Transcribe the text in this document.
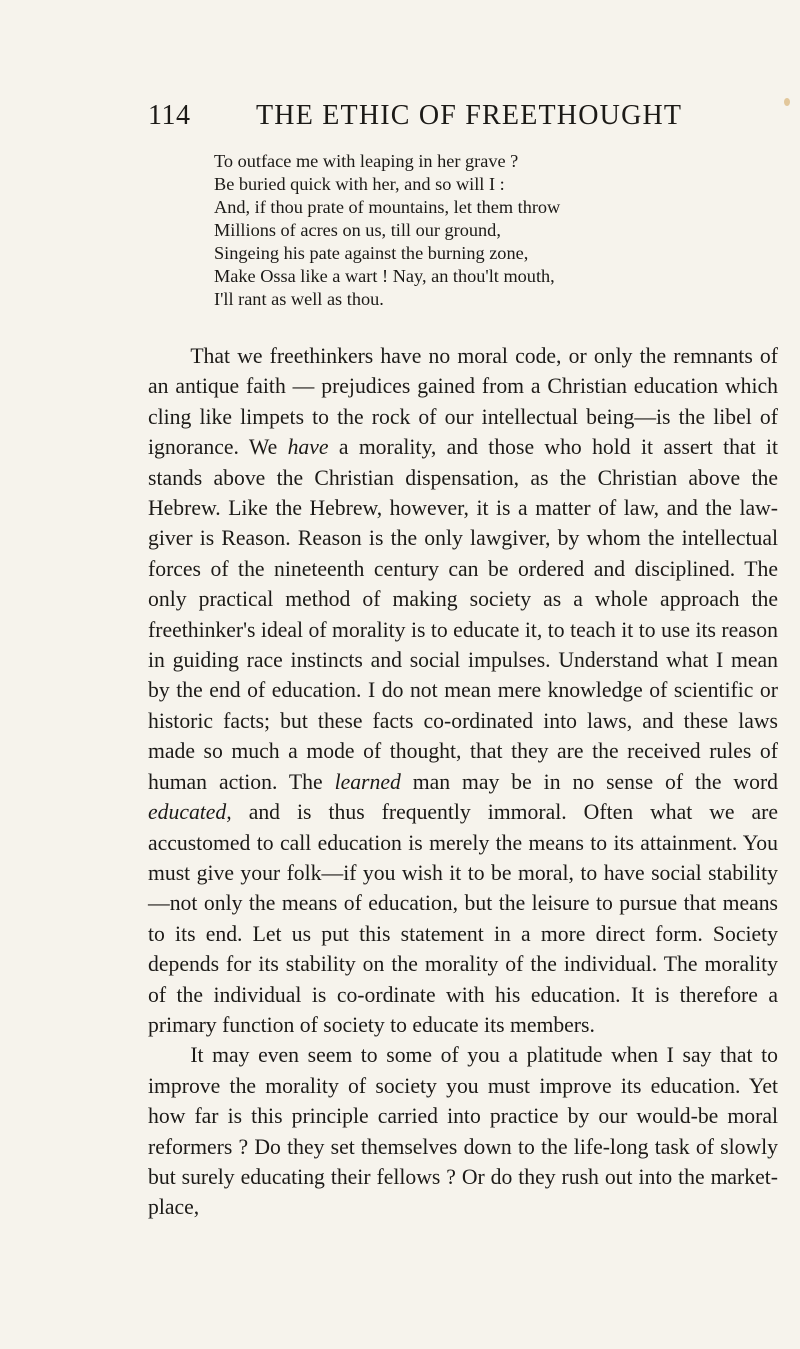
114 THE ETHIC OF FREETHOUGHT
To outface me with leaping in her grave ?
Be buried quick with her, and so will I :
And, if thou prate of mountains, let them throw
Millions of acres on us, till our ground,
Singeing his pate against the burning zone,
Make Ossa like a wart ! Nay, an thou'lt mouth,
I'll rant as well as thou.

That we freethinkers have no moral code, or only the remnants of an antique faith — prejudices gained from a Christian education which cling like limpets to the rock of our intellectual being—is the libel of ignorance. We have a morality, and those who hold it assert that it stands above the Christian dispensation, as the Christian above the Hebrew. Like the Hebrew, however, it is a matter of law, and the law-giver is Reason. Reason is the only lawgiver, by whom the intellectual forces of the nineteenth century can be ordered and disciplined. The only practical method of making society as a whole approach the freethinker's ideal of morality is to educate it, to teach it to use its reason in guiding race instincts and social impulses. Understand what I mean by the end of education. I do not mean mere knowledge of scientific or historic facts; but these facts co-ordinated into laws, and these laws made so much a mode of thought, that they are the received rules of human action. The learned man may be in no sense of the word educated, and is thus frequently immoral. Often what we are accustomed to call education is merely the means to its attainment. You must give your folk—if you wish it to be moral, to have social stability—not only the means of education, but the leisure to pursue that means to its end. Let us put this statement in a more direct form. Society depends for its stability on the morality of the individual. The morality of the individual is co-ordinate with his education. It is therefore a primary function of society to educate its members.

It may even seem to some of you a platitude when I say that to improve the morality of society you must improve its education. Yet how far is this principle carried into practice by our would-be moral reformers ? Do they set themselves down to the life-long task of slowly but surely educating their fellows ? Or do they rush out into the market-place,
